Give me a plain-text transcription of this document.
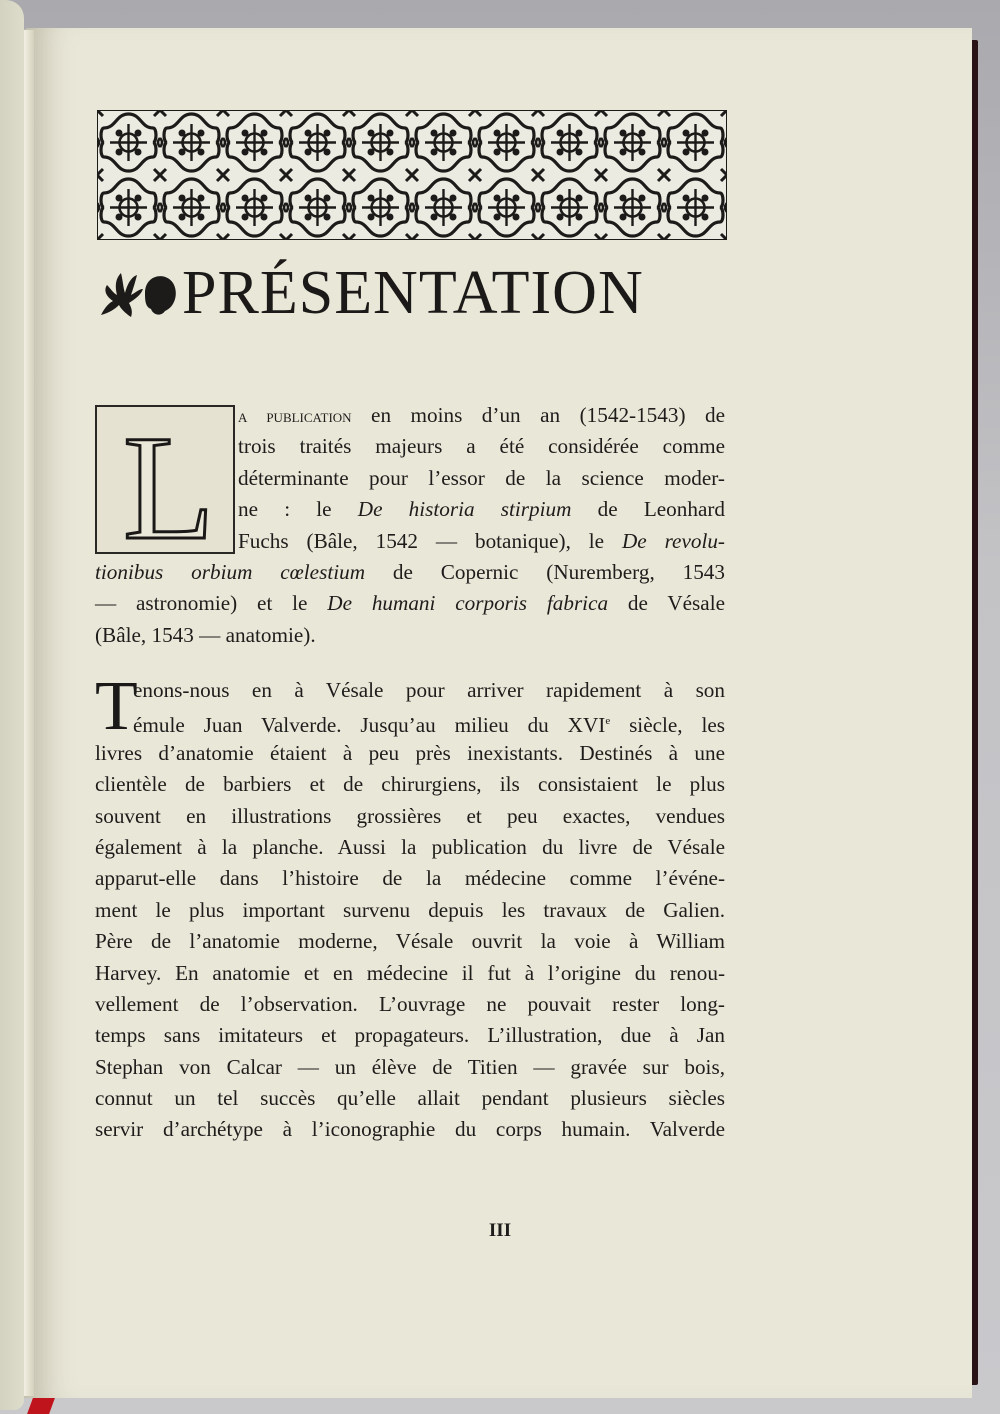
PRÉSENTATION
L	a publication en moins d’un an (1542-1543) de
trois traités majeurs a été considérée comme
déterminante pour l’essor de la science moder-
ne : le De historia stirpium de Leonhard
Fuchs (Bâle, 1542 — botanique), le De revolu-
tionibus orbium cœlestium de Copernic (Nuremberg, 1543
— astronomie) et le De humani corporis fabrica de Vésale
(Bâle, 1543 — anatomie).
T
enons-nous en à Vésale pour arriver rapidement à son
émule Juan Valverde. Jusqu’au milieu du XVIe siècle, les
livres d’anatomie étaient à peu près inexistants. Destinés à une
clientèle de barbiers et de chirurgiens, ils consistaient le plus
souvent en illustrations grossières et peu exactes, vendues
également à la planche. Aussi la publication du livre de Vésale
apparut-elle dans l’histoire de la médecine comme l’événe-
ment le plus important survenu depuis les travaux de Galien.
Père de l’anatomie moderne, Vésale ouvrit la voie à William
Harvey. En anatomie et en médecine il fut à l’origine du renou-
vellement de l’observation. L’ouvrage ne pouvait rester long-
temps sans imitateurs et propagateurs. L’illustration, due à Jan
Stephan von Calcar — un élève de Titien — gravée sur bois,
connut un tel succès qu’elle allait pendant plusieurs siècles
servir d’archétype à l’iconographie du corps humain. Valverde
III
